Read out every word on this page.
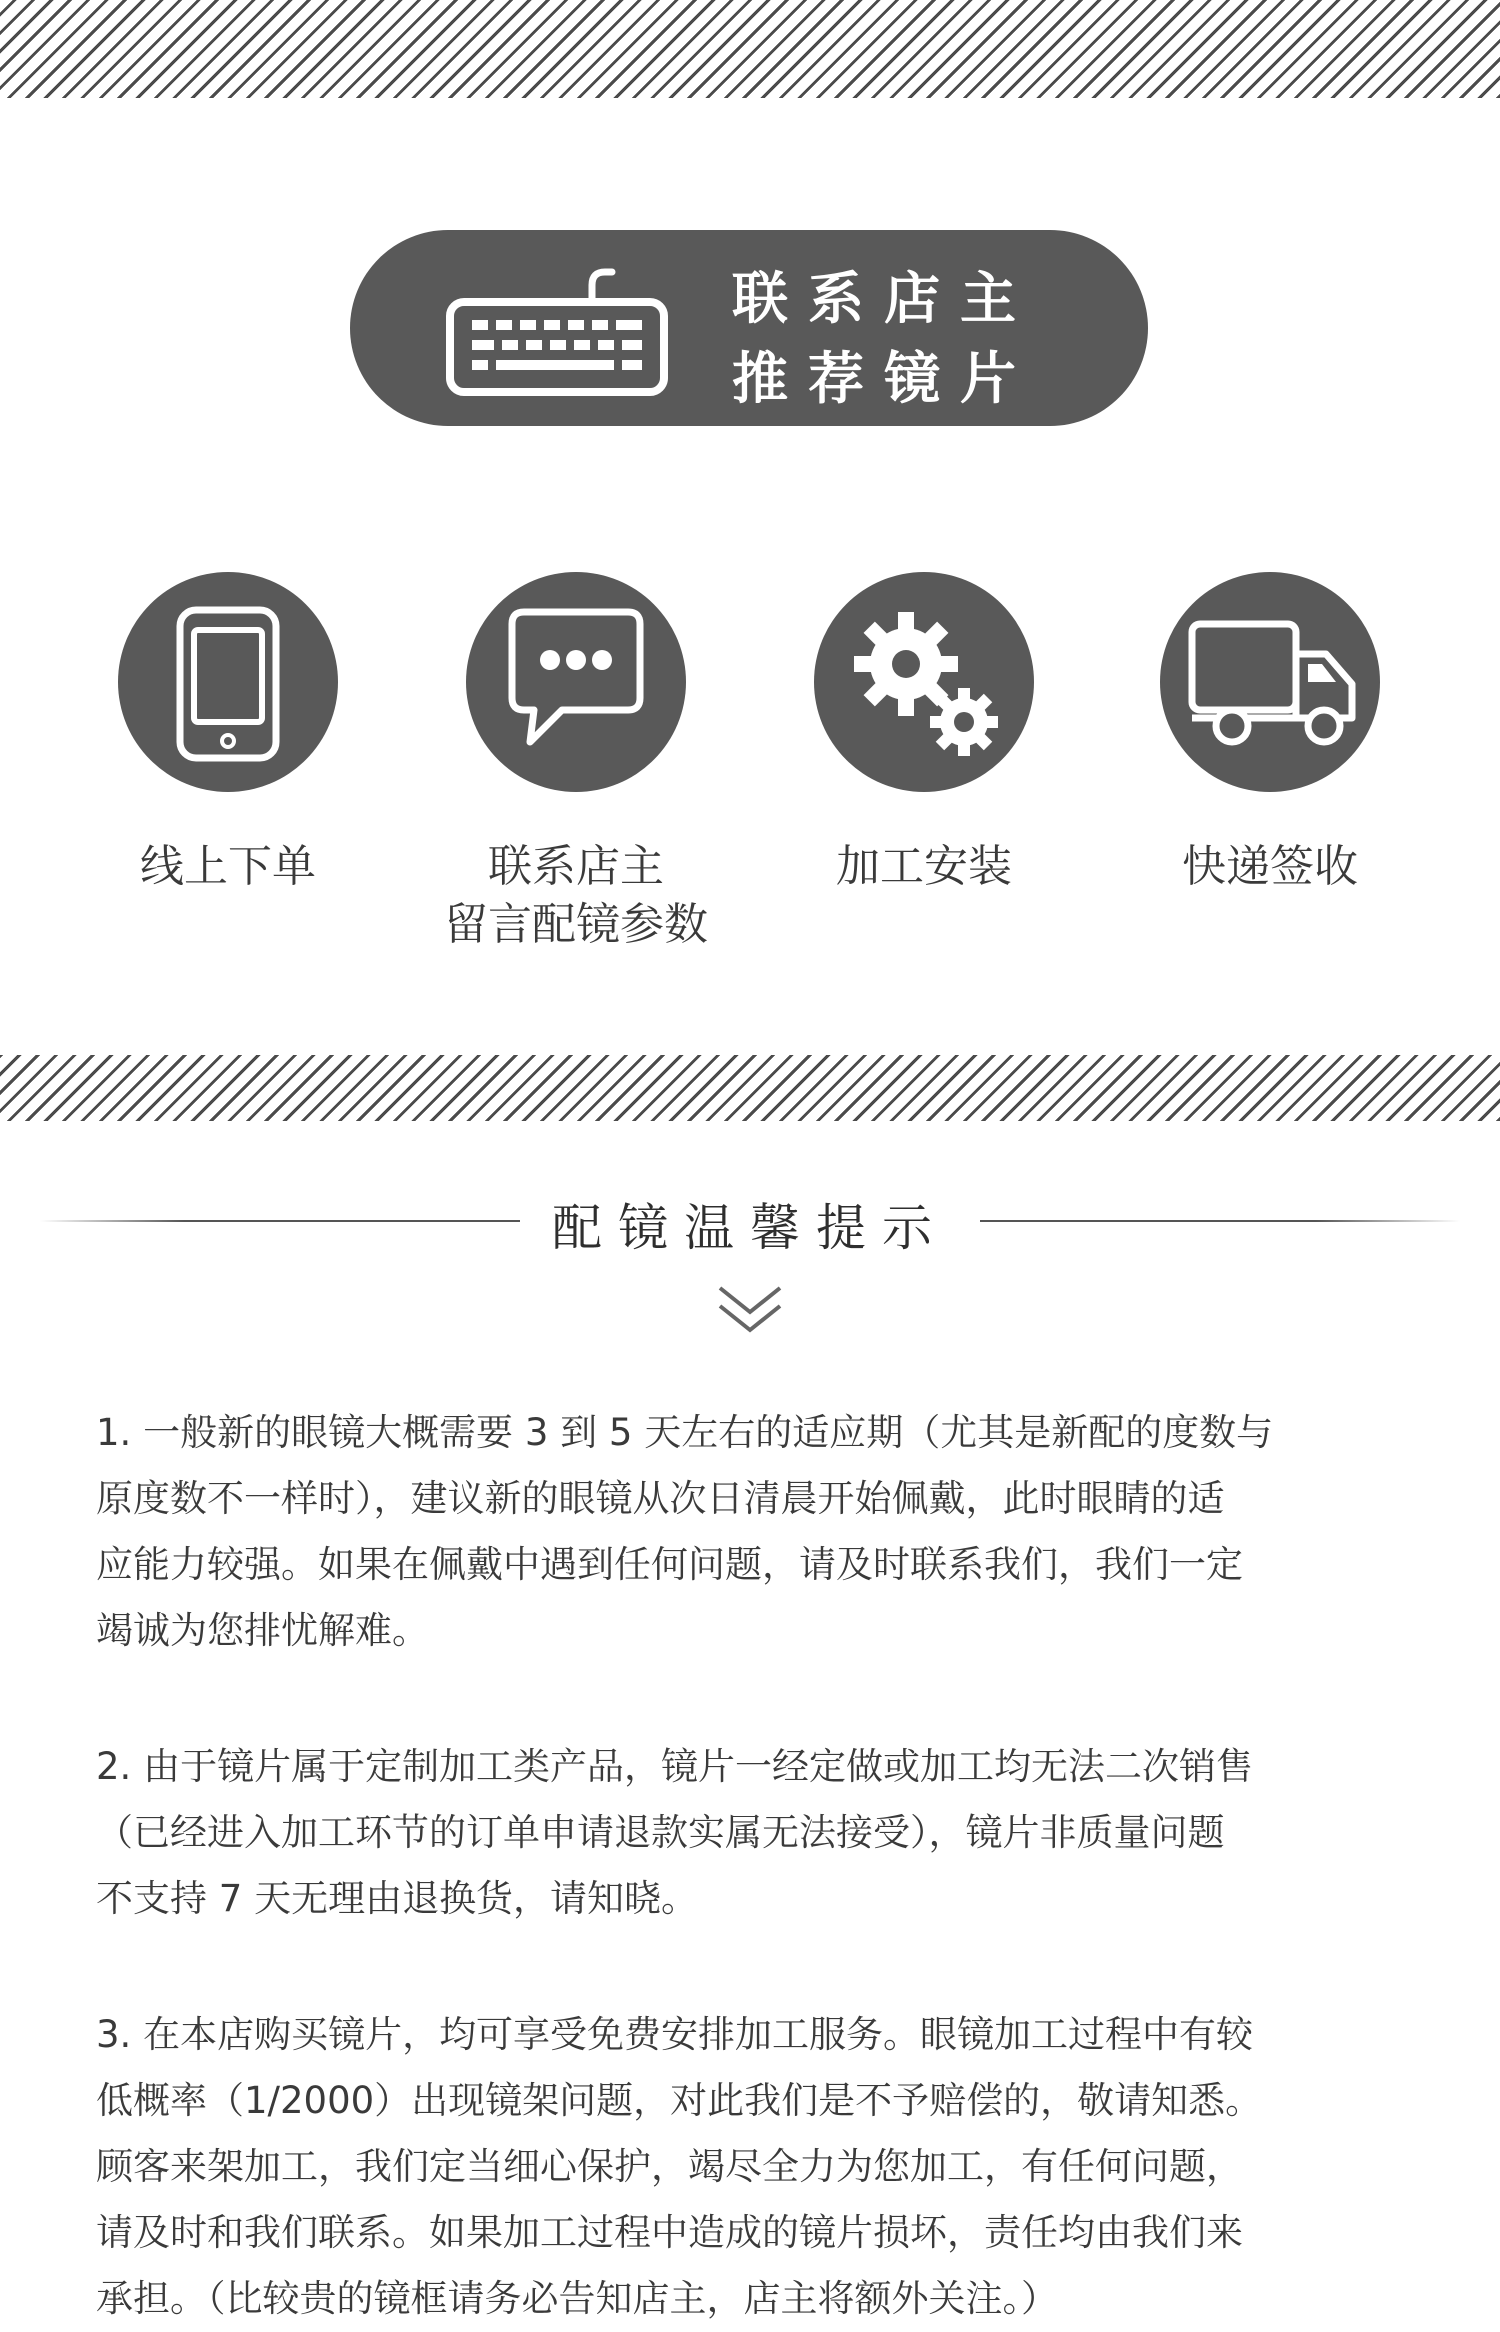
联系店主
推荐镜片
线上下单	联系店主
留言配镜参数
加工安装	快递签收
配镜温馨提示
1. 一般新的眼镜大概需要 3 到 5 天左右的适应期（尤其是新配的度数与
原度数不一样时），建议新的眼镜从次日清晨开始佩戴，此时眼睛的适
应能力较强。如果在佩戴中遇到任何问题，请及时联系我们，我们一定
竭诚为您排忧解难。
2. 由于镜片属于定制加工类产品，镜片一经定做或加工均无法二次销售
（已经进入加工环节的订单申请退款实属无法接受），镜片非质量问题
不支持 7 天无理由退换货，请知晓。
3. 在本店购买镜片，均可享受免费安排加工服务。眼镜加工过程中有较
低概率（1/2000）出现镜架问题，对此我们是不予赔偿的，敬请知悉。
顾客来架加工，我们定当细心保护，竭尽全力为您加工，有任何问题，
请及时和我们联系。如果加工过程中造成的镜片损坏，责任均由我们来
承担。（比较贵的镜框请务必告知店主，店主将额外关注。）
